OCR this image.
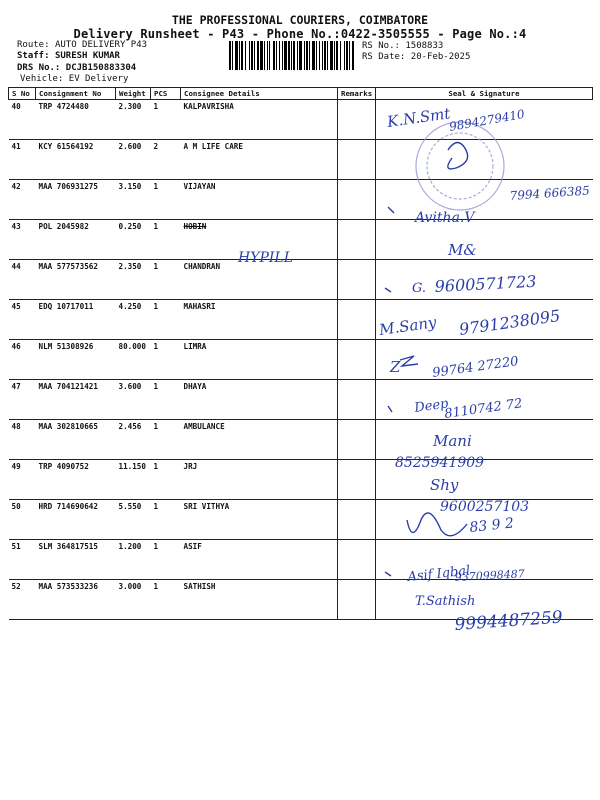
THE PROFESSIONAL COURIERS, COIMBATORE
Delivery Runsheet - P43 - Phone No.:0422-3505555 - Page No.:4
Route: AUTO DELIVERY P43
Staff: SURESH KUMAR
DRS No.: DCJB150883304
Vehicle: EV Delivery
RS No.: 1508833
RS Date: 20-Feb-2025
S No	Consignment No	Weight	PCS	Consignee Details	Remarks	Seal & Signature
40	TRP 4724480	2.300	1	KALPAVRISHA		
41	KCY 61564192	2.600	2	A M LIFE CARE		
42	MAA 706931275	3.150	1	VIJAYAN		
43	POL 2045982	0.250	1	HOBIN		
44	MAA 577573562	2.350	1	CHANDRAN		
45	EDQ 10717011	4.250	1	MAHASRI		
46	NLM 51308926	80.000	1	LIMRA		
47	MAA 704121421	3.600	1	DHAYA		
48	MAA 302810665	2.456	1	AMBULANCE		
49	TRP 4090752	11.150	1	JRJ		
50	HRD 714690642	5.550	1	SRI VITHYA		
51	SLM 364817515	1.200	1	ASIF		
52	MAA 573533236	3.000	1	SATHISH		
HYPILL
K.N.Smt
9894279410
7994 666385
Avitha.V
M&
G. 9600571723
M.Sany 9791238095
Z 99764 27220
Deep
8110742 72
Mani
8525941909
Shy
9600257103
83 9 2
Asif Iqbal
9370998487
T.Sathish
9994487259
